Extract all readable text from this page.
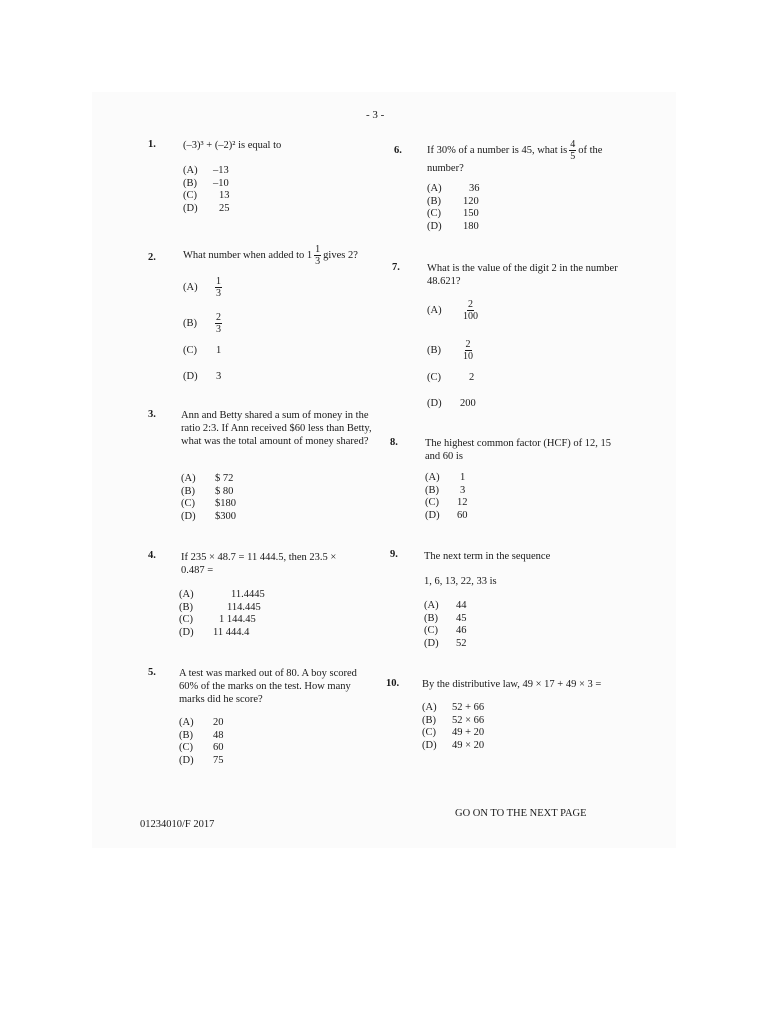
- 3 -
1.	(–3)³ + (–2)² is equal to
(A)	–13
(B)	–10
(C)	13
(D)	25
2.	What number when added to $1 \frac{1}{3}$ gives 2?
(A)	$\frac{1}{3}$
(B)	$\frac{2}{3}$
(C)	1
(D)	3
3. Ann and Betty shared a sum of money in the ratio 2:3. If Ann received $60 less than Betty, what was the total amount of money shared?
(A)	$ 72
(B)	$ 80
(C)	$180
(D)	$300
4. If 235 × 48.7 = 11 444.5, then 23.5 × 0.487 =
(A)	11.4445
(B)	114.445
(C)	1 144.45
(D)	11 444.4
5. A test was marked out of 80. A boy scored 60% of the marks on the test. How many marks did he score?
(A)	20
(B)	48
(C)	60
(D)	75
6. If 30% of a number is 45, what is $\frac{4}{5}$ of the
number?
(A)	36
(B)	120
(C)	150
(D)	180
7.	What is the value of the digit 2 in the number 48.621?
(A)	$\frac{2}{100}$
(B)	$\frac{2}{10}$
(C)	2
(D)	200
8.	The highest common factor (HCF) of 12, 15 and 60 is
(A)	1
(B)	3
(C)	12
(D)	60
9. The next term in the sequence
1, 6, 13, 22, 33 is
(A)	44
(B)	45
(C)	46
(D)	52
10. By the distributive law, 49 × 17 + 49 × 3 =
(A)	52 + 66
(B)	52 × 66
(C)	49 + 20
(D)	49 × 20
GO ON TO THE NEXT PAGE
01234010/F 2017
